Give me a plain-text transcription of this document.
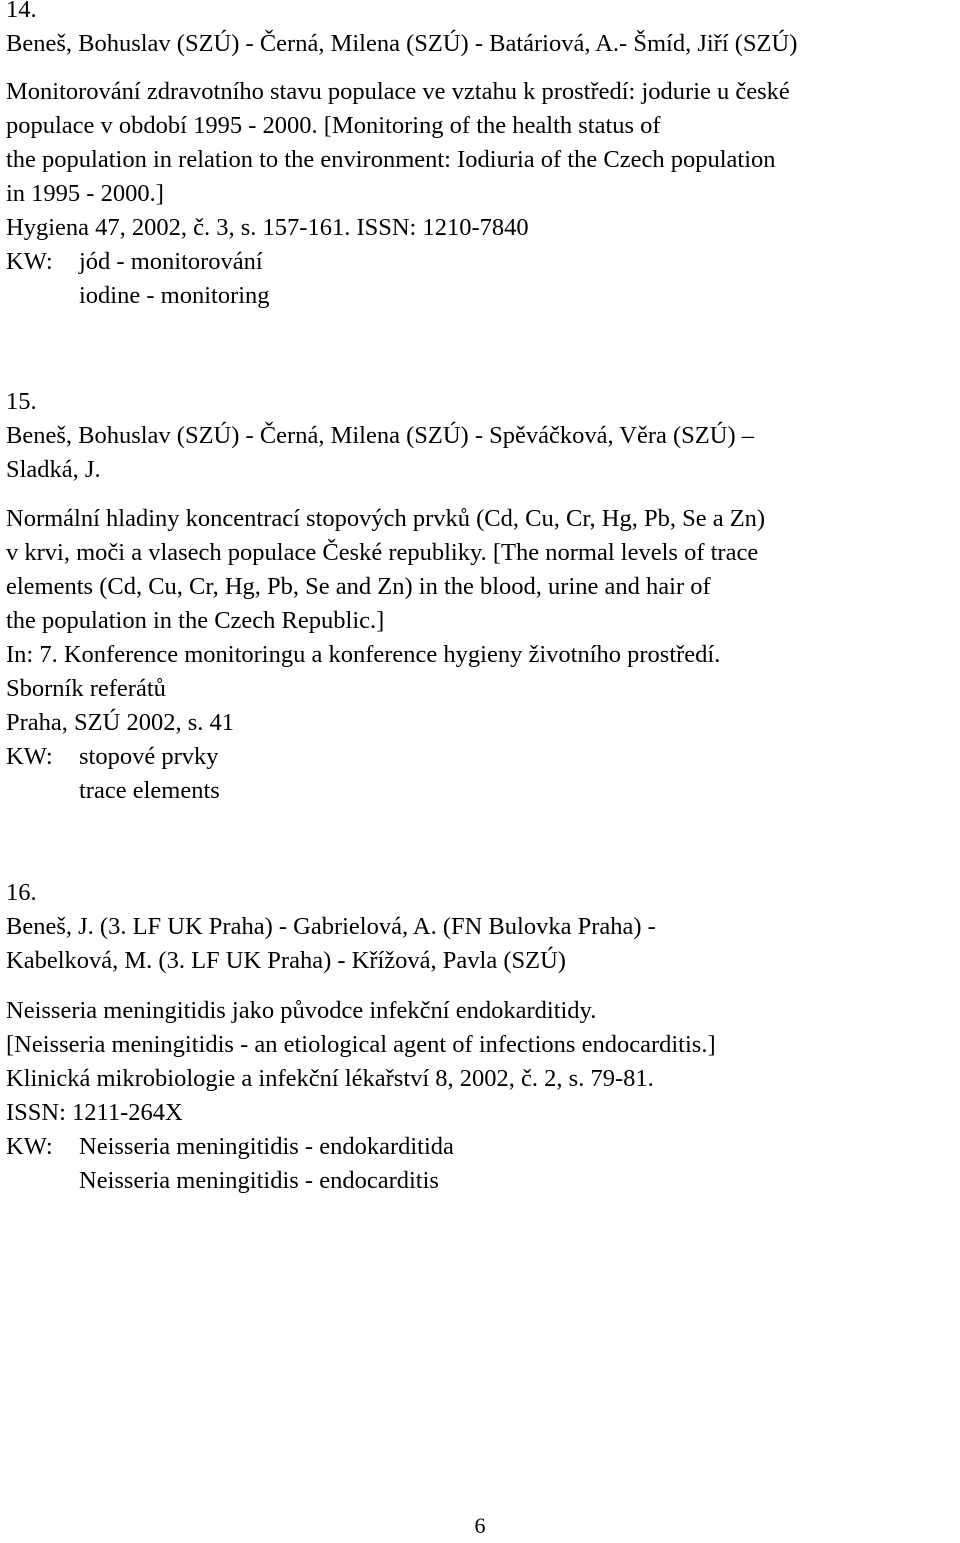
14.

Beneš, Bohuslav (SZÚ) - Černá, Milena (SZÚ) - Batáriová, A.- Šmíd, Jiří (SZÚ)

Monitorování zdravotního stavu populace ve vztahu k prostředí: jodurie u české

populace v období 1995 - 2000. [Monitoring of the health status of

the population in relation to the environment: Iodiuria of the Czech population

in 1995 - 2000.]

Hygiena 47, 2002, č. 3, s. 157-161. ISSN: 1210-7840

KW: jód - monitorování

iodine - monitoring

15.

Beneš, Bohuslav (SZÚ) - Černá, Milena (SZÚ) - Spěváčková, Věra (SZÚ) –

Sladká, J.

Normální hladiny koncentrací stopových prvků (Cd, Cu, Cr, Hg, Pb, Se a Zn)

v krvi, moči a vlasech populace České republiky. [The normal levels of trace

elements (Cd, Cu, Cr, Hg, Pb, Se and Zn) in the blood, urine and hair of

the population in the Czech Republic.]

In: 7. Konference monitoringu a konference hygieny životního prostředí.

Sborník referátů

Praha, SZÚ 2002, s. 41

KW: stopové prvky

trace elements

16.

Beneš, J. (3. LF UK Praha) - Gabrielová, A. (FN Bulovka Praha) -

Kabelková, M. (3. LF UK Praha) - Křížová, Pavla (SZÚ)

Neisseria meningitidis jako původce infekční endokarditidy.

[Neisseria meningitidis - an etiological agent of infections endocarditis.]

Klinická mikrobiologie a infekční lékařství 8, 2002, č. 2, s. 79-81.

ISSN: 1211-264X

KW: Neisseria meningitidis - endokarditida

Neisseria meningitidis - endocarditis

6
